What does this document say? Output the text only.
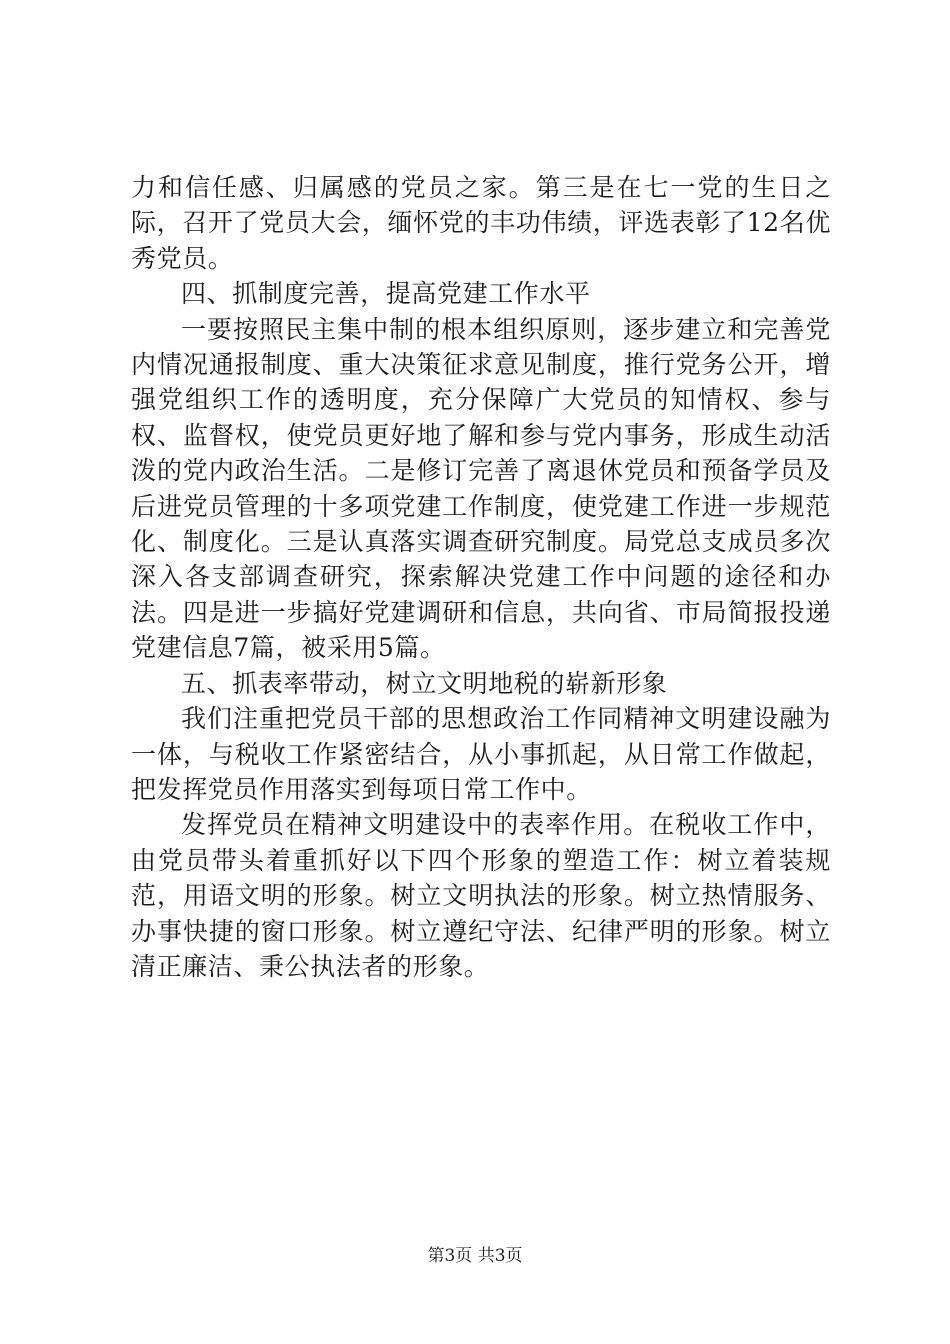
力和信任感、归属感的党员之家。第三是在七一党的生日之际，召开了党员大会，缅怀党的丰功伟绩，评选表彰了12名优秀党员。

四、抓制度完善，提高党建工作水平

一要按照民主集中制的根本组织原则，逐步建立和完善党内情况通报制度、重大决策征求意见制度，推行党务公开，增强党组织工作的透明度，充分保障广大党员的知情权、参与权、监督权，使党员更好地了解和参与党内事务，形成生动活泼的党内政治生活。二是修订完善了离退休党员和预备学员及后进党员管理的十多项党建工作制度，使党建工作进一步规范化、制度化。三是认真落实调查研究制度。局党总支成员多次深入各支部调查研究，探索解决党建工作中问题的途径和办法。四是进一步搞好党建调研和信息，共向省、市局简报投递党建信息7篇，被采用5篇。

五、抓表率带动，树立文明地税的崭新形象

我们注重把党员干部的思想政治工作同精神文明建设融为一体，与税收工作紧密结合，从小事抓起，从日常工作做起，把发挥党员作用落实到每项日常工作中。

发挥党员在精神文明建设中的表率作用。在税收工作中，由党员带头着重抓好以下四个形象的塑造工作：树立着装规范，用语文明的形象。树立文明执法的形象。树立热情服务、办事快捷的窗口形象。树立遵纪守法、纪律严明的形象。树立清正廉洁、秉公执法者的形象。

第3页 共3页
